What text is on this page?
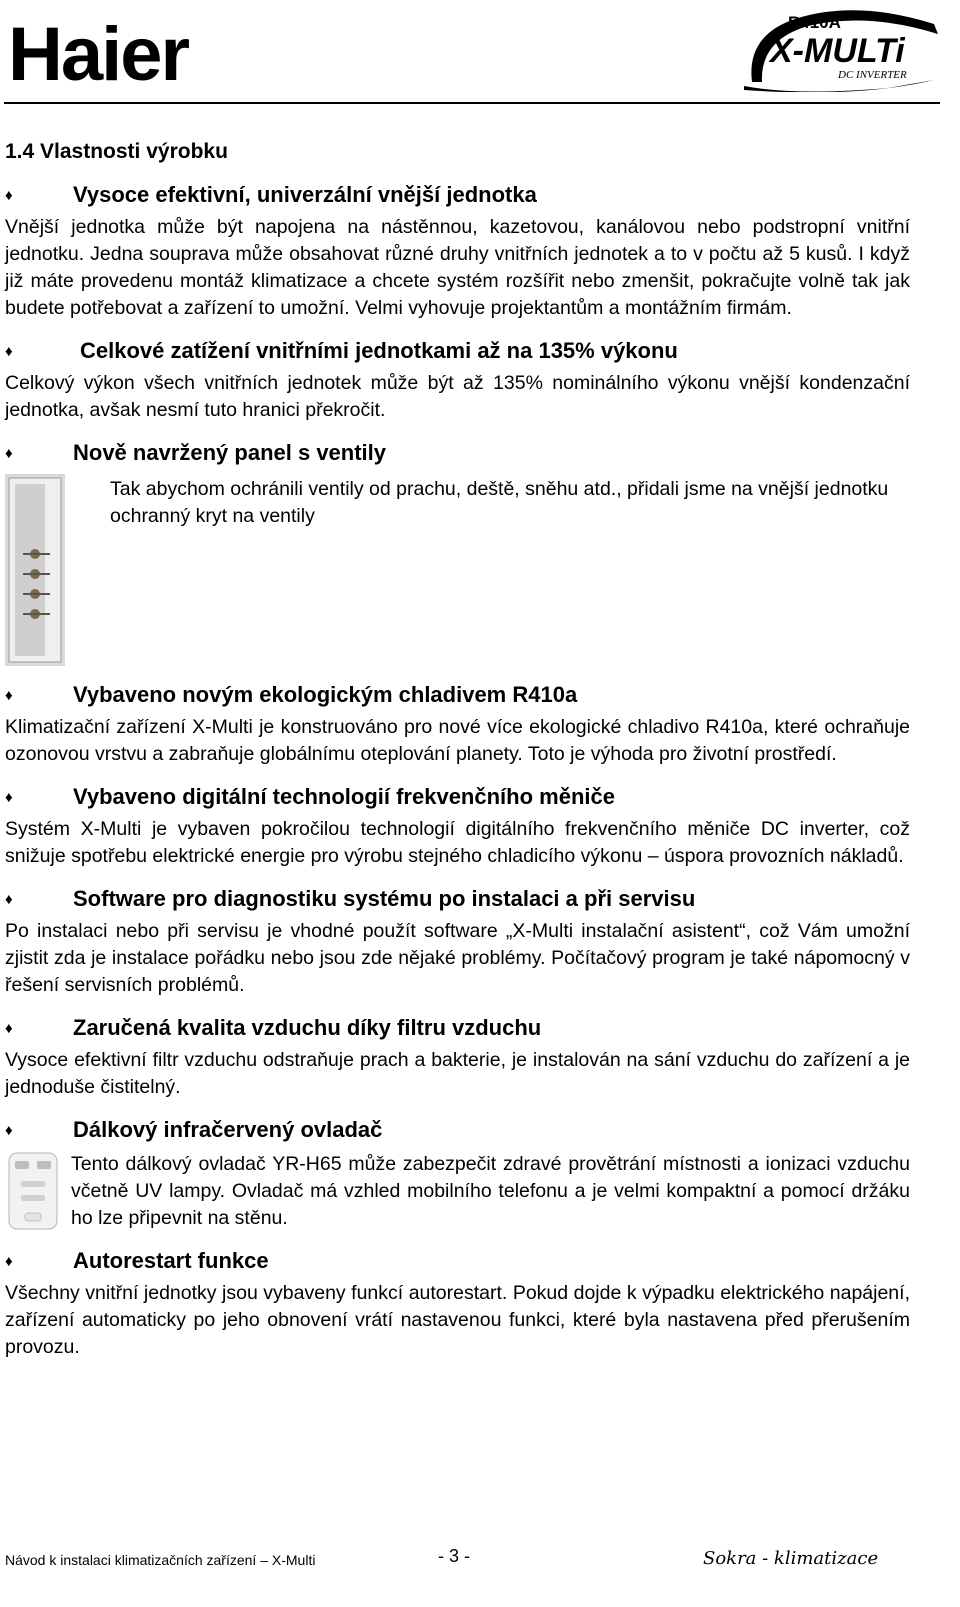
Haier	R410A
X-MULTi
DC INVERTER
1.4 Vlastnosti výrobku
♦	Vysoce efektivní, univerzální vnější jednotka
Vnější jednotka může být napojena na nástěnnou, kazetovou, kanálovou nebo podstropní vnitřní jednotku. Jedna souprava může obsahovat různé druhy vnitřních jednotek a to v počtu až 5 kusů. I když již máte provedenu montáž klimatizace a chcete systém rozšířit nebo zmenšit, pokračujte volně tak jak budete potřebovat a zařízení to umožní. Velmi vyhovuje projektantům a montážním firmám.
♦	Celkové zatížení vnitřními jednotkami až na 135% výkonu
Celkový výkon všech vnitřních jednotek může být až 135% nominálního výkonu vnější kondenzační jednotka, avšak nesmí tuto hranici překročit.
♦	Nově navržený panel s ventily
Tak abychom ochránili ventily od prachu, deště, sněhu atd., přidali jsme na vnější jednotku ochranný kryt na ventily
♦	Vybaveno novým ekologickým chladivem R410a
Klimatizační zařízení X-Multi je konstruováno pro nové více ekologické chladivo R410a, které ochraňuje ozonovou vrstvu a zabraňuje globálnímu oteplování planety. Toto je výhoda pro životní prostředí.
♦	Vybaveno digitální technologií frekvenčního měniče
Systém X-Multi je vybaven pokročilou technologií digitálního frekvenčního měniče DC inverter, což snižuje spotřebu elektrické energie pro výrobu stejného chladicího výkonu – úspora provozních nákladů.
♦	Software pro diagnostiku systému po instalaci a při servisu
Po instalaci nebo při servisu je vhodné použít software „X-Multi instalační asistent“, což Vám umožní zjistit zda je instalace pořádku nebo jsou zde nějaké problémy. Počítačový program je také nápomocný v řešení servisních problémů.
♦	Zaručená kvalita vzduchu díky filtru vzduchu
Vysoce efektivní filtr vzduchu odstraňuje prach a bakterie, je instalován na sání vzduchu do zařízení a je jednoduše čistitelný.
♦	Dálkový infračervený ovladač
Tento dálkový ovladač YR-H65 může zabezpečit zdravé provětrání místnosti a ionizaci vzduchu včetně UV lampy. Ovladač má vzhled mobilního telefonu a je velmi kompaktní a pomocí držáku ho lze připevnit na stěnu.
♦	Autorestart funkce
Všechny vnitřní jednotky jsou vybaveny funkcí autorestart. Pokud dojde k výpadku elektrického napájení, zařízení automaticky po jeho obnovení vrátí nastavenou funkci, které byla nastavena před přerušením provozu.
Návod k instalaci klimatizačních zařízení – X-Multi	- 3 -	Sokra - klimatizace
